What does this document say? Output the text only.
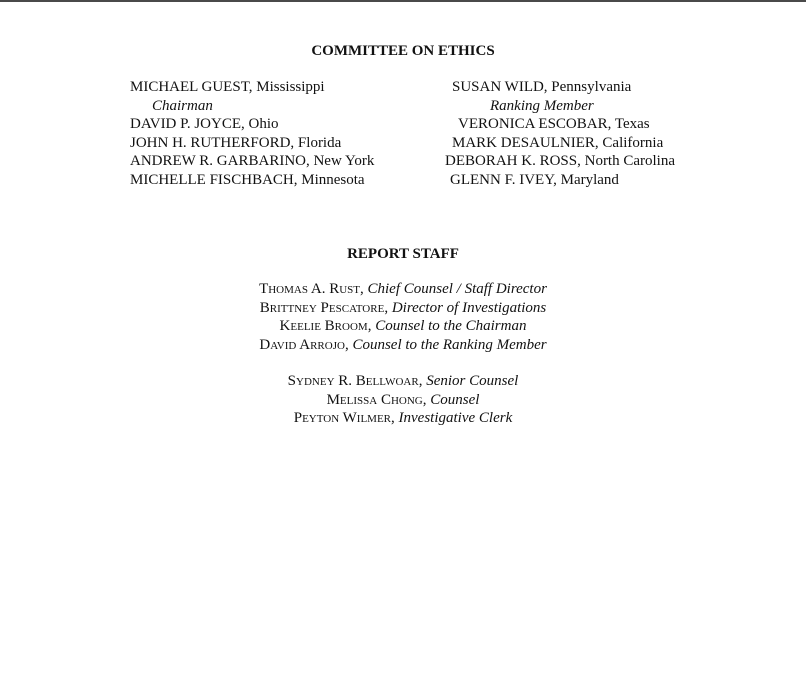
COMMITTEE ON ETHICS
MICHAEL GUEST, Mississippi
Chairman
DAVID P. JOYCE, Ohio
JOHN H. RUTHERFORD, Florida
ANDREW R. GARBARINO, New York
MICHELLE FISCHBACH, Minnesota
SUSAN WILD, Pennsylvania
Ranking Member
VERONICA ESCOBAR, Texas
MARK DESAULNIER, California
DEBORAH K. ROSS, North Carolina
GLENN F. IVEY, Maryland
REPORT STAFF
Thomas A. Rust, Chief Counsel / Staff Director
Brittney Pescatore, Director of Investigations
Keelie Broom, Counsel to the Chairman
David Arrojo, Counsel to the Ranking Member
Sydney R. Bellwoar, Senior Counsel
Melissa Chong, Counsel
Peyton Wilmer, Investigative Clerk
